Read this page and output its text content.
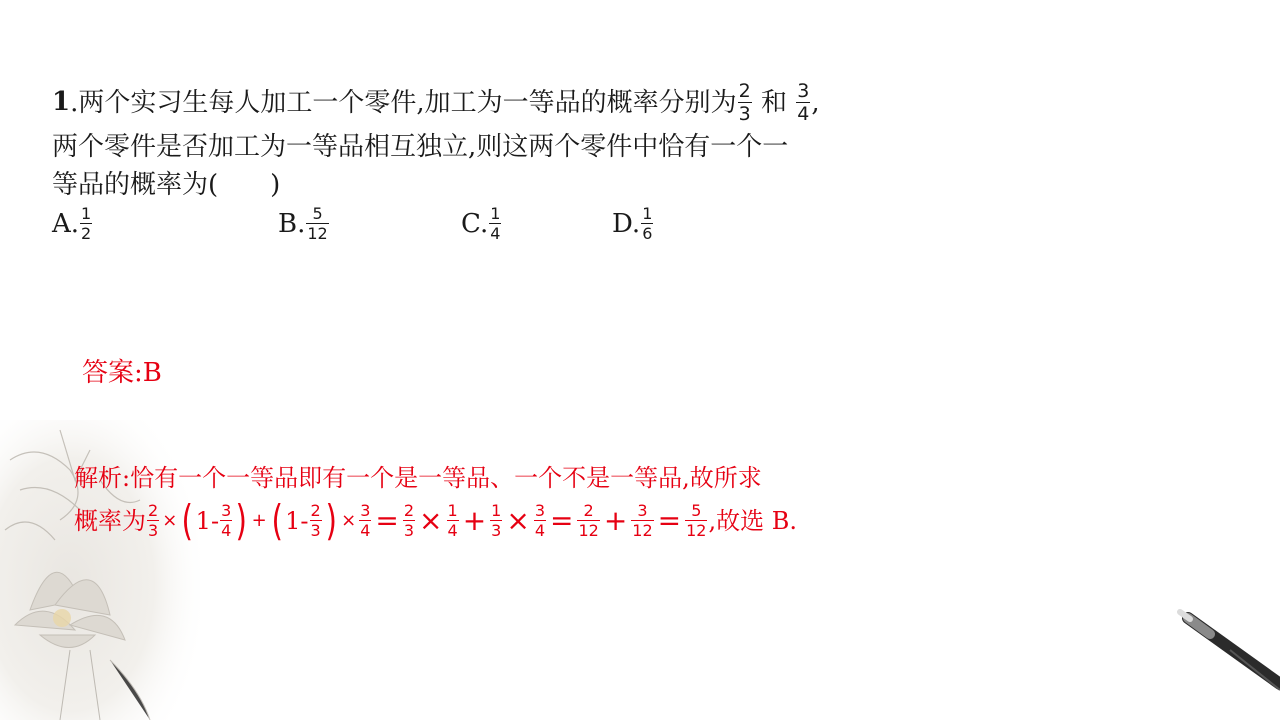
1.两个实习生每人加工一个零件,加工为一等品的概率分别为 $\frac{2}{3}$ 和 $\frac{3}{4}$ ,
两个零件是否加工为一等品相互独立,则这两个零件中恰有一个一
等品的概率为(　　)
A. $\frac{1}{2}$	B. $\frac{5}{12}$	C. $\frac{1}{4}$	D. $\frac{1}{6}$
答案:B
解析:恰有一个一等品即有一个是一等品、一个不是一等品,故所求
概率为 $\frac{2}{3}$ × ( $1- \frac{3}{4}$ ) + ( $1- \frac{2}{3}$ ) × $\frac{3}{4} = \frac{2}{3} \times \frac{1}{4} + \frac{1}{3} \times \frac{3}{4} = \frac{2}{12} + \frac{3}{12} = \frac{5}{12}$ ,故选 B.
